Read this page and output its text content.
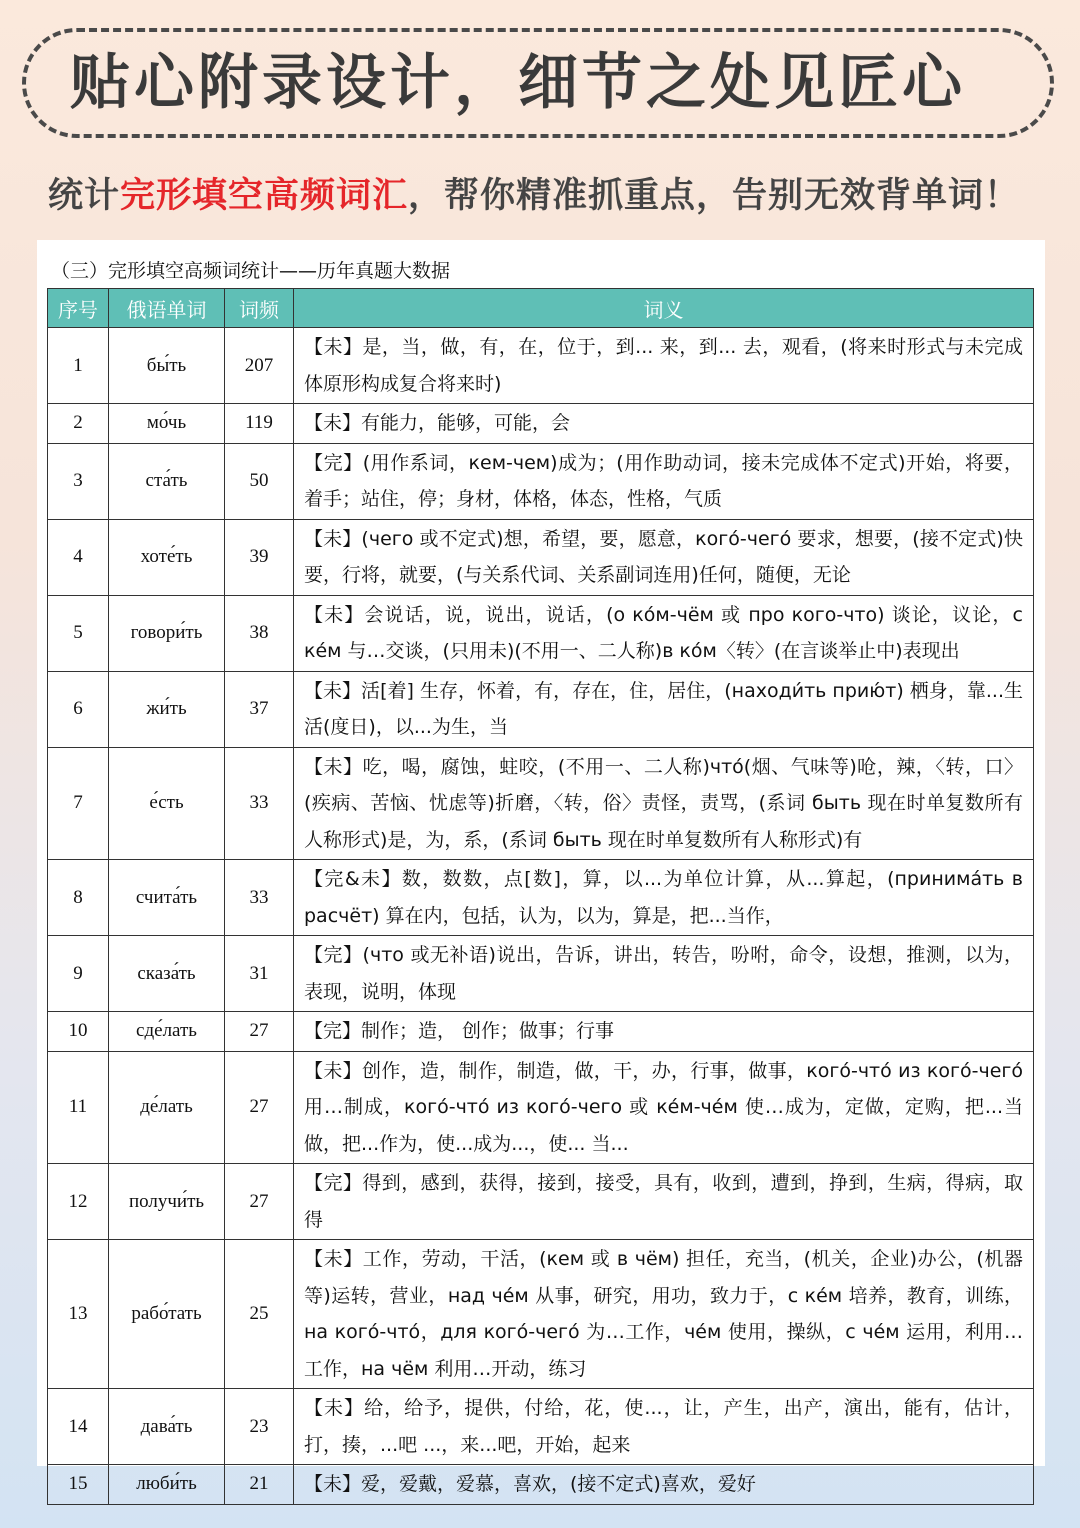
贴心附录设计，细节之处见匠心
统计完形填空高频词汇，帮你精准抓重点，告别无效背单词！
（三）完形填空高频词统计——历年真题大数据
序号	俄语单词	词频	词义
1	бы́ть	207	【未】是，当，做，有，在，位于，到... 来，到... 去，观看，(将来时形式与未完成体原形构成复合将来时)
2	мо́чь	119	【未】有能力，能够，可能，会
3	ста́ть	50	【完】(用作系词，кем-чем)成为；(用作助动词，接未完成体不定式)开始，将要，着手；站住，停；身材，体格，体态，性格，气质
4	хоте́ть	39	【未】(чего 或不定式)想，希望，要，愿意，кого́-чего́ 要求，想要，(接不定式)快要，行将，就要，(与关系代词、关系副词连用)任何，随便，无论
5	говори́ть	38	【未】会说话，说，说出，说话，(о ко́м-чём 或 про кого-что) 谈论，议论，с ке́м 与…交谈，(只用未)(不用一、二人称)в ко́м〈转〉(在言谈举止中)表现出
6	жи́ть	37	【未】活[着] 生存，怀着，有，存在，住，居住，(находи́ть прию́т) 栖身，靠...生活(度日)，以...为生，当
7	е́сть	33	【未】吃，喝，腐蚀，蛀咬，(不用一、二人称)что́(烟、气味等)呛，辣，〈转，口〉(疾病、苦恼、忧虑等)折磨，〈转，俗〉责怪，责骂，(系词 быть 现在时单复数所有人称形式)是，为，系，(系词 быть 现在时单复数所有人称形式)有
8	счита́ть	33	【完&未】数，数数，点[数]，算，以...为单位计算，从...算起，(принима́ть в расчёт) 算在内，包括，认为，以为，算是，把...当作，
9	сказа́ть	31	【完】(что 或无补语)说出，告诉，讲出，转告，吩咐，命令，设想，推测，以为，表现，说明，体现
10	сде́лать	27	【完】制作；造， 创作；做事；行事
11	де́лать	27	【未】创作，造，制作，制造，做，干，办，行事，做事，кого́-что́ из кого́-чего́ 用…制成，кого́-что́ из кого́-чего 或 ке́м-че́м 使…成为，定做，定购，把...当做，把...作为，使...成为...，使... 当...
12	получи́ть	27	【完】得到，感到，获得，接到，接受，具有，收到，遭到，挣到，生病，得病，取得
13	рабо́тать	25	【未】工作，劳动，干活，(кем 或 в чём) 担任，充当，(机关，企业)办公，(机器等)运转，营业，над че́м 从事，研究，用功，致力于，с ке́м 培养，教育，训练，на кого́-что́，для кого́-чего́ 为…工作，че́м 使用，操纵，с че́м 运用，利用…工作，на чём 利用…开动，练习
14	дава́ть	23	【未】给，给予，提供，付给，花，使...，让，产生，出产，演出，能有，估计，打，揍，...吧 ...，来...吧，开始，起来
15	люби́ть	21	【未】爱，爱戴，爱慕，喜欢，(接不定式)喜欢，爱好
